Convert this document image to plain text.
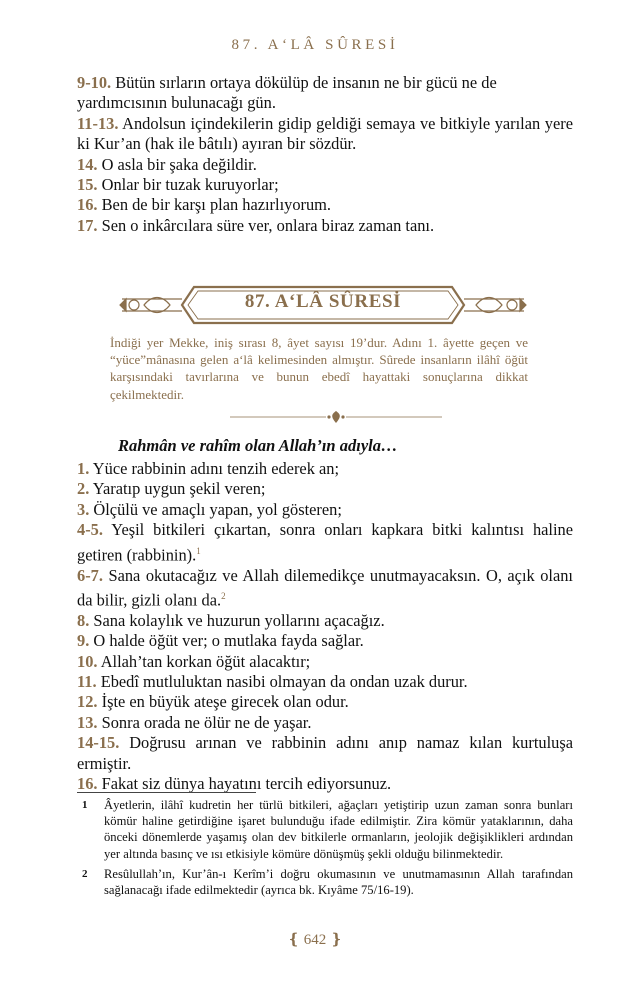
87. A‘LÂ SÛRESİ

9-10. Bütün sırların ortaya dökülüp de insanın ne bir gücü ne de yardımcısının bulunacağı gün.

11-13. Andolsun içindekilerin gidip geldiği semaya ve bitkiyle yarılan yere ki Kur’an (hak ile bâtılı) ayıran bir sözdür.

14. O asla bir şaka değildir.

15. Onlar bir tuzak kuruyorlar;

16. Ben de bir karşı plan hazırlıyorum.

17. Sen o inkârcılara süre ver, onlara biraz zaman tanı.

87. A‘LÂ SÛRESİ
İndiği yer Mekke, iniş sırası 8, âyet sayısı 19’dur. Adını 1. âyette geçen ve “yüce”mânasına gelen a‘lâ kelimesinden almıştır. Sûrede insanların ilâhî öğüt karşısındaki tavırlarına ve bunun ebedî hayattaki sonuçlarına dikkat çekilmektedir.
Rahmân ve rahîm olan Allah’ın adıyla…

1. Yüce rabbinin adını tenzih ederek an;

2. Yaratıp uygun şekil veren;

3. Ölçülü ve amaçlı yapan, yol gösteren;

4-5. Yeşil bitkileri çıkartan, sonra onları kapkara bitki kalıntısı haline getiren (rabbinin).$^1$

6-7. Sana okutacağız ve Allah dilemedikçe unutmayacaksın. O, açık olanı da bilir, gizli olanı da.$^2$

8. Sana kolaylık ve huzurun yollarını açacağız.

9. O halde öğüt ver; o mutlaka fayda sağlar.

10. Allah’tan korkan öğüt alacaktır;

11. Ebedî mutluluktan nasibi olmayan da ondan uzak durur.

12. İşte en büyük ateşe girecek olan odur.

13. Sonra orada ne ölür ne de yaşar.

14-15. Doğrusu arınan ve rabbinin adını anıp namaz kılan kurtuluşa ermiştir.

16. Fakat siz dünya hayatını tercih ediyorsunuz.

1 Âyetlerin, ilâhî kudretin her türlü bitkileri, ağaçları yetiştirip uzun zaman sonra bunları kömür haline getirdiğine işaret bulunduğu ifade edilmiştir. Zira kömür yataklarının, daha önceki dönemlerde yaşamış olan dev bitkilerle ormanların, jeolojik değişiklikleri ardından yer altında basınç ve ısı etkisiyle kömüre dönüşmüş şekli olduğu bilinmektedir.

2 Resûlullah’ın, Kur’ân-ı Kerîm’i doğru okumasının ve unutmamasının Allah tarafından sağlanacağı ifade edilmektedir (ayrıca bk. Kıyâme 75/16-19).

❴ 642 ❵
